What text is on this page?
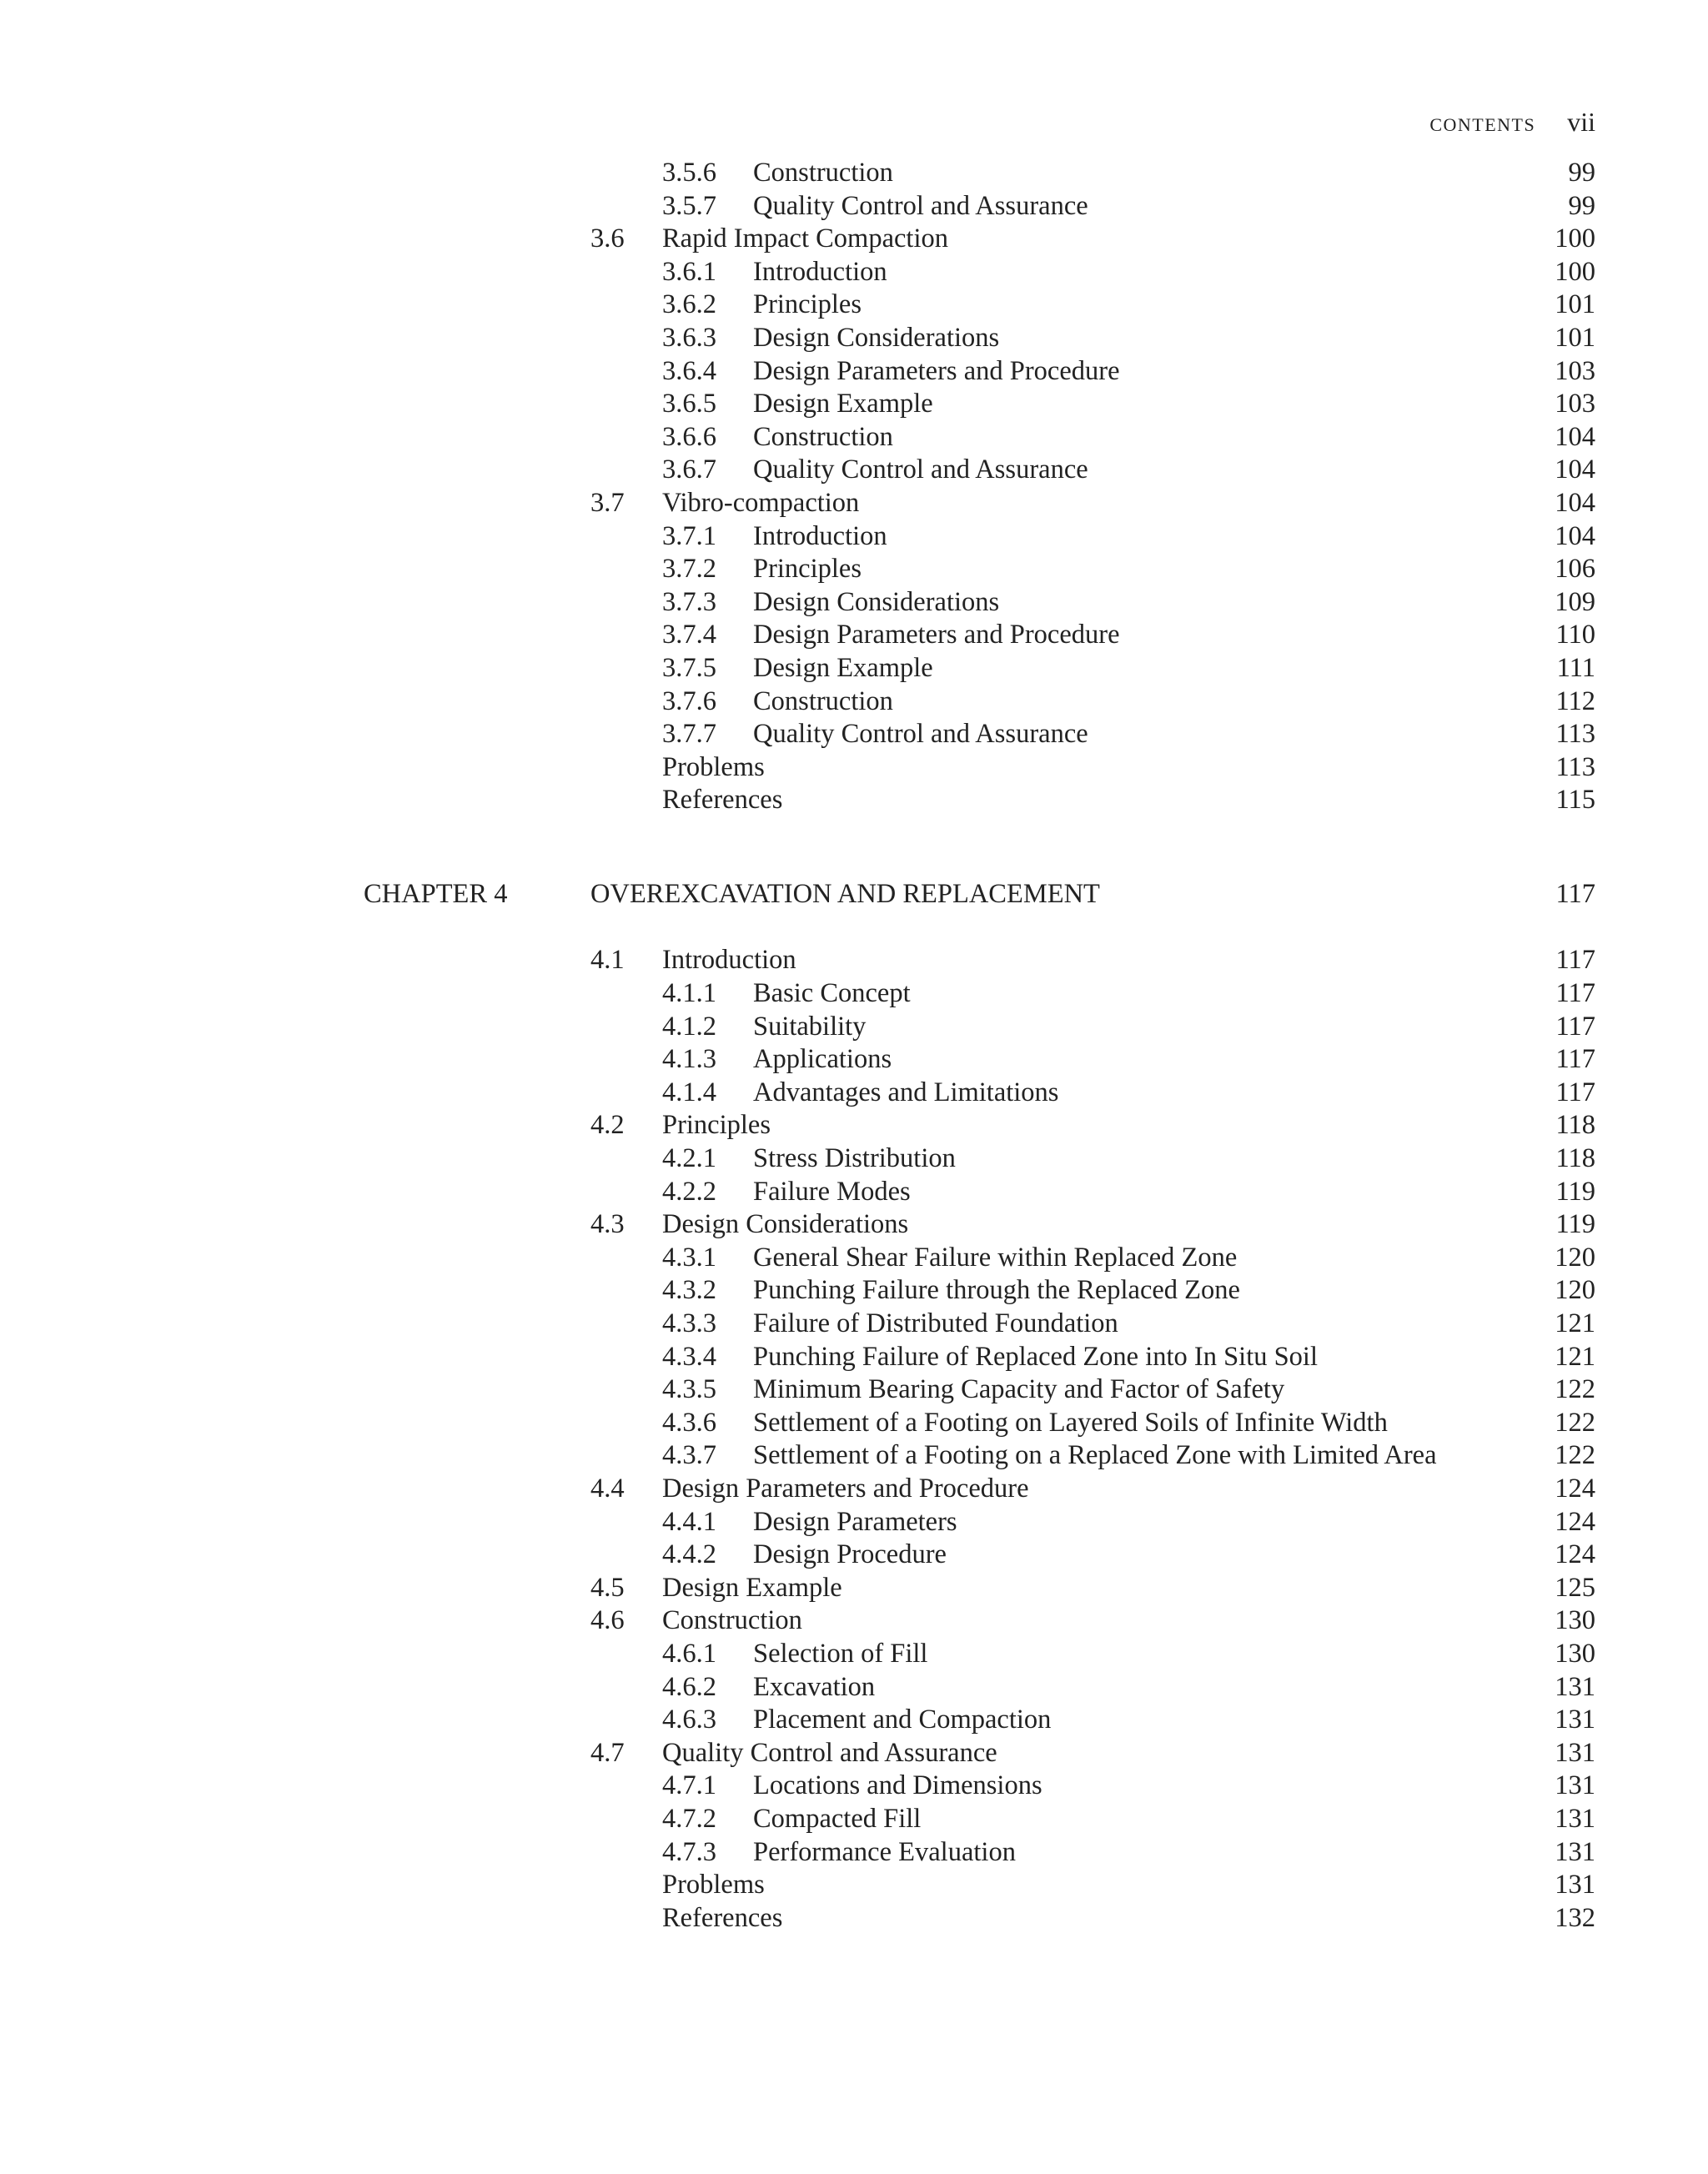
CONTENTS vii
3.5.6 Construction	99
3.5.7 Quality Control and Assurance	99
3.6 Rapid Impact Compaction	100
3.6.1 Introduction	100
3.6.2 Principles	101
3.6.3 Design Considerations	101
3.6.4 Design Parameters and Procedure	103
3.6.5 Design Example	103
3.6.6 Construction	104
3.6.7 Quality Control and Assurance	104
3.7 Vibro-compaction	104
3.7.1 Introduction	104
3.7.2 Principles	106
3.7.3 Design Considerations	109
3.7.4 Design Parameters and Procedure	110
3.7.5 Design Example	111
3.7.6 Construction	112
3.7.7 Quality Control and Assurance	113
Problems	113
References	115
CHAPTER 4	OVEREXCAVATION AND REPLACEMENT	117
4.1 Introduction	117
4.1.1 Basic Concept	117
4.1.2 Suitability	117
4.1.3 Applications	117
4.1.4 Advantages and Limitations	117
4.2 Principles	118
4.2.1 Stress Distribution	118
4.2.2 Failure Modes	119
4.3 Design Considerations	119
4.3.1 General Shear Failure within Replaced Zone	120
4.3.2 Punching Failure through the Replaced Zone	120
4.3.3 Failure of Distributed Foundation	121
4.3.4 Punching Failure of Replaced Zone into In Situ Soil	121
4.3.5 Minimum Bearing Capacity and Factor of Safety	122
4.3.6 Settlement of a Footing on Layered Soils of Infinite Width	122
4.3.7 Settlement of a Footing on a Replaced Zone with Limited Area	122
4.4 Design Parameters and Procedure	124
4.4.1 Design Parameters	124
4.4.2 Design Procedure	124
4.5 Design Example	125
4.6 Construction	130
4.6.1 Selection of Fill	130
4.6.2 Excavation	131
4.6.3 Placement and Compaction	131
4.7 Quality Control and Assurance	131
4.7.1 Locations and Dimensions	131
4.7.2 Compacted Fill	131
4.7.3 Performance Evaluation	131
Problems	131
References	132
